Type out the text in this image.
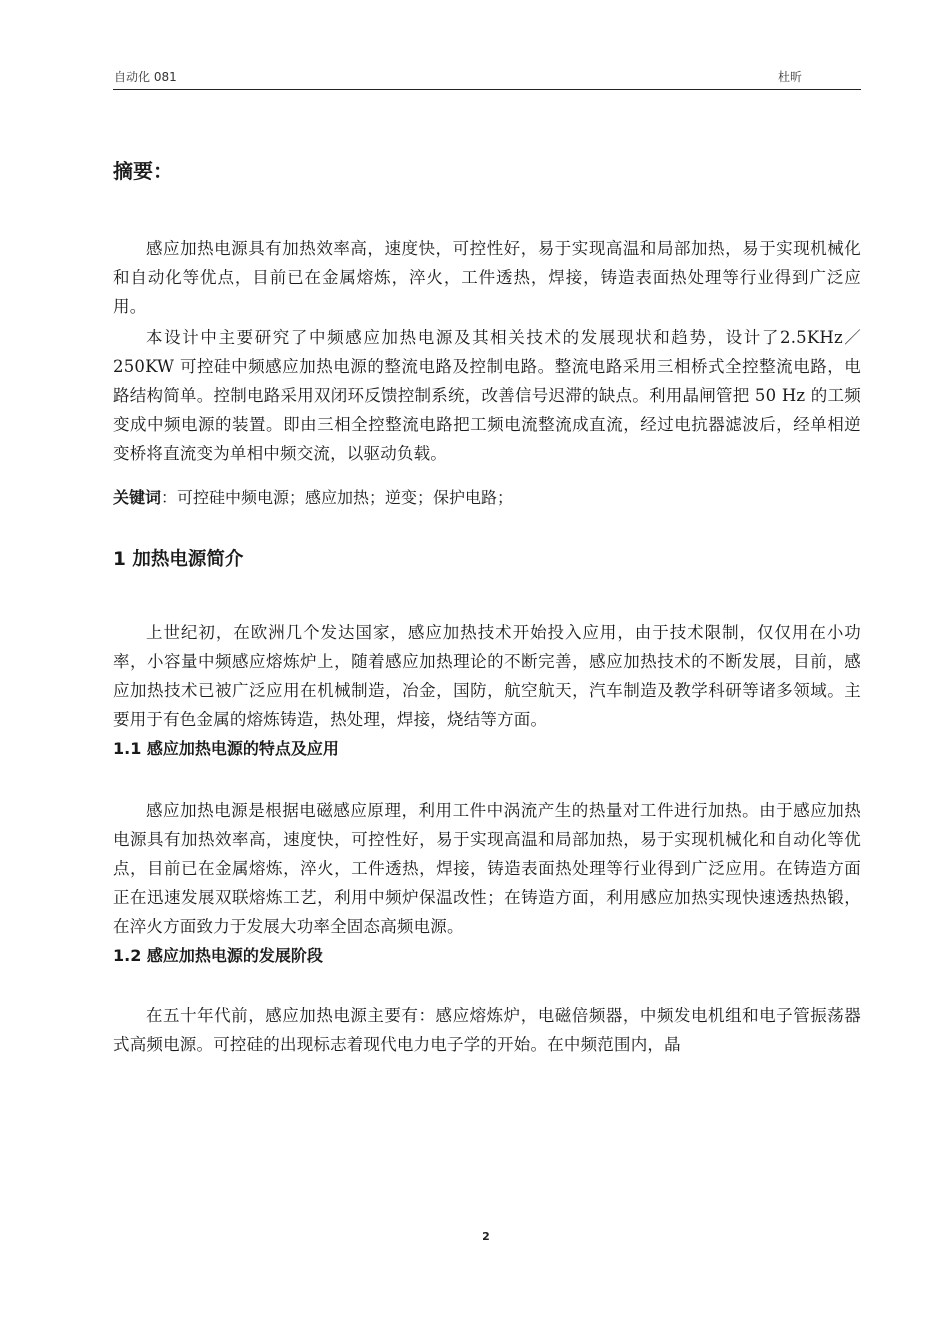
自动化 081	杜昕
摘要：

感应加热电源具有加热效率高，速度快，可控性好，易于实现高温和局部加热，易于实现机械化和自动化等优点，目前已在金属熔炼，淬火，工件透热，焊接，铸造表面热处理等行业得到广泛应用。

本设计中主要研究了中频感应加热电源及其相关技术的发展现状和趋势，设计了2.5KHz／250KW 可控硅中频感应加热电源的整流电路及控制电路。整流电路采用三相桥式全控整流电路，电路结构简单。控制电路采用双闭环反馈控制系统，改善信号迟滞的缺点。利用晶闸管把 50 Hz 的工频变成中频电源的装置。即由三相全控整流电路把工频电流整流成直流，经过电抗器滤波后，经单相逆变桥将直流变为单相中频交流，以驱动负载。

关键词：可控硅中频电源；感应加热；逆变；保护电路；
1 加热电源简介

上世纪初，在欧洲几个发达国家，感应加热技术开始投入应用，由于技术限制，仅仅用在小功率，小容量中频感应熔炼炉上，随着感应加热理论的不断完善，感应加热技术的不断发展，目前，感应加热技术已被广泛应用在机械制造，冶金，国防，航空航天，汽车制造及教学科研等诸多领域。主要用于有色金属的熔炼铸造，热处理，焊接，烧结等方面。

1.1 感应加热电源的特点及应用

感应加热电源是根据电磁感应原理，利用工件中涡流产生的热量对工件进行加热。由于感应加热电源具有加热效率高，速度快，可控性好，易于实现高温和局部加热，易于实现机械化和自动化等优点，目前已在金属熔炼，淬火，工件透热，焊接，铸造表面热处理等行业得到广泛应用。在铸造方面正在迅速发展双联熔炼工艺，利用中频炉保温改性；在铸造方面，利用感应加热实现快速透热热锻，在淬火方面致力于发展大功率全固态高频电源。

1.2 感应加热电源的发展阶段

在五十年代前，感应加热电源主要有：感应熔炼炉，电磁倍频器，中频发电机组和电子管振荡器式高频电源。可控硅的出现标志着现代电力电子学的开始。在中频范围内，晶

2
